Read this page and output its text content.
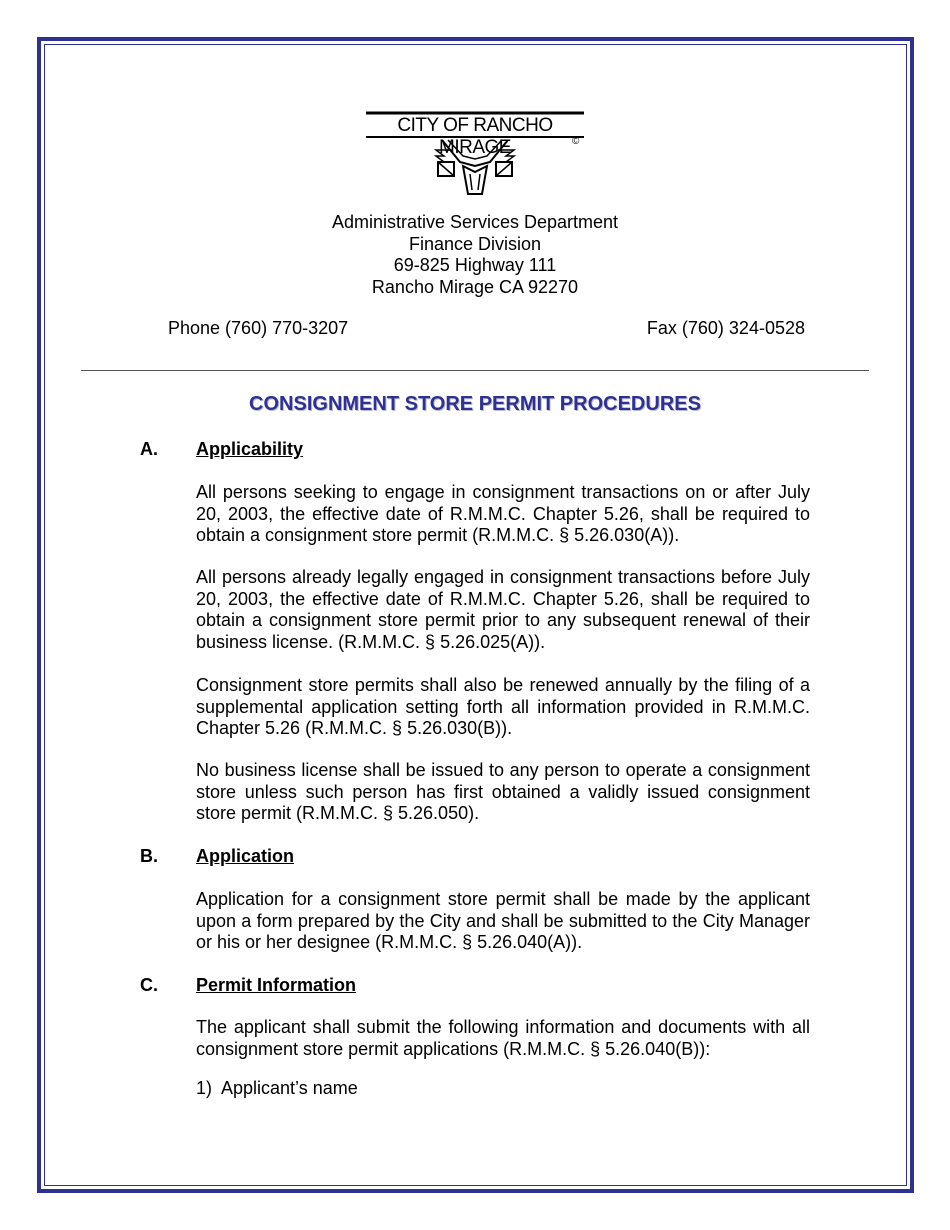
CITY OF RANCHO MIRAGE	©
Administrative Services Department
Finance Division
69-825 Highway 111
Rancho Mirage CA 92270
Phone (760) 770-3207	Fax (760) 324-0528
CONSIGNMENT STORE PERMIT PROCEDURES
A. Applicability

All persons seeking to engage in consignment transactions on or after July 20, 2003, the effective date of R.M.M.C. Chapter 5.26, shall be required to obtain a consignment store permit (R.M.M.C. § 5.26.030(A)).

All persons already legally engaged in consignment transactions before July 20, 2003, the effective date of R.M.M.C. Chapter 5.26, shall be required to obtain a consignment store permit prior to any subsequent renewal of their business license. (R.M.M.C. § 5.26.025(A)).

Consignment store permits shall also be renewed annually by the filing of a supplemental application setting forth all information provided in R.M.M.C. Chapter 5.26 (R.M.M.C. § 5.26.030(B)).

No business license shall be issued to any person to operate a consignment store unless such person has first obtained a validly issued consignment store permit (R.M.M.C. § 5.26.050).

B. Application

Application for a consignment store permit shall be made by the applicant upon a form prepared by the City and shall be submitted to the City Manager or his or her designee (R.M.M.C. § 5.26.040(A)).

C. Permit Information

The applicant shall submit the following information and documents with all consignment store permit applications (R.M.M.C. § 5.26.040(B)):

1)  Applicant’s name
